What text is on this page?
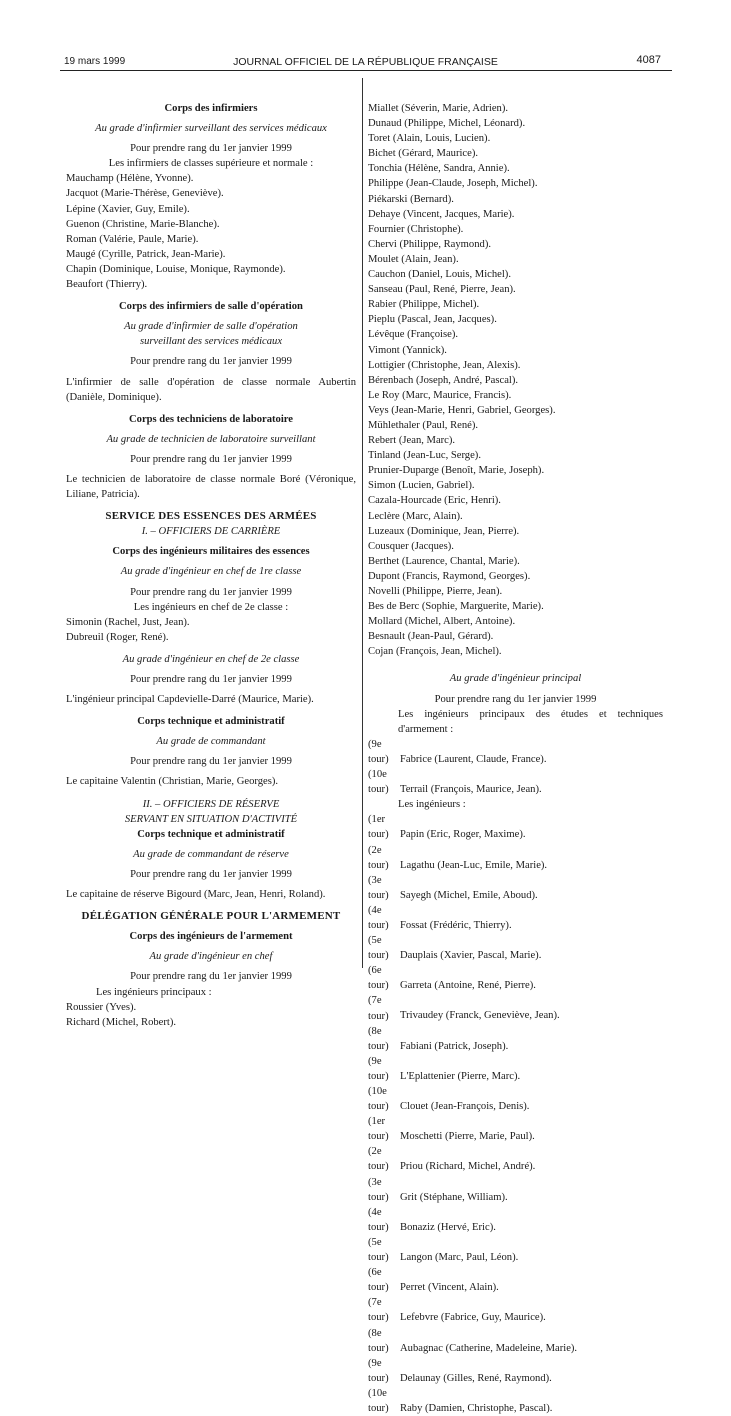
19 mars 1999	JOURNAL OFFICIEL DE LA RÉPUBLIQUE FRANÇAISE	4087
Corps des infirmiers
Au grade d'infirmier surveillant des services médicaux
Pour prendre rang du 1er janvier 1999
Les infirmiers de classes supérieure et normale :
Mauchamp (Hélène, Yvonne).
Jacquot (Marie-Thérèse, Geneviève).
Lépine (Xavier, Guy, Emile).
Guenon (Christine, Marie-Blanche).
Roman (Valérie, Paule, Marie).
Maugé (Cyrille, Patrick, Jean-Marie).
Chapin (Dominique, Louise, Monique, Raymonde).
Beaufort (Thierry).
Corps des infirmiers de salle d'opération
Au grade d'infirmier de salle d'opération
surveillant des services médicaux
Pour prendre rang du 1er janvier 1999
L'infirmier de salle d'opération de classe normale Aubertin (Danièle, Dominique).
Corps des techniciens de laboratoire
Au grade de technicien de laboratoire surveillant
Pour prendre rang du 1er janvier 1999
Le technicien de laboratoire de classe normale Boré (Véronique, Liliane, Patricia).
SERVICE DES ESSENCES DES ARMÉES
I. – OFFICIERS DE CARRIÈRE
Corps des ingénieurs militaires des essences
Au grade d'ingénieur en chef de 1re classe
Pour prendre rang du 1er janvier 1999
Les ingénieurs en chef de 2e classe :
Simonin (Rachel, Just, Jean).
Dubreuil (Roger, René).
Au grade d'ingénieur en chef de 2e classe
Pour prendre rang du 1er janvier 1999
L'ingénieur principal Capdevielle-Darré (Maurice, Marie).
Corps technique et administratif
Au grade de commandant
Pour prendre rang du 1er janvier 1999
Le capitaine Valentin (Christian, Marie, Georges).
II. – OFFICIERS DE RÉSERVE
SERVANT EN SITUATION D'ACTIVITÉ
Corps technique et administratif
Au grade de commandant de réserve
Pour prendre rang du 1er janvier 1999
Le capitaine de réserve Bigourd (Marc, Jean, Henri, Roland).
DÉLÉGATION GÉNÉRALE POUR L'ARMEMENT
Corps des ingénieurs de l'armement
Au grade d'ingénieur en chef
Pour prendre rang du 1er janvier 1999
Les ingénieurs principaux :
Roussier (Yves).
Richard (Michel, Robert).
Miallet (Séverin, Marie, Adrien).
Dunaud (Philippe, Michel, Léonard).
Toret (Alain, Louis, Lucien).
Bichet (Gérard, Maurice).
Tonchia (Hélène, Sandra, Annie).
Philippe (Jean-Claude, Joseph, Michel).
Piékarski (Bernard).
Dehaye (Vincent, Jacques, Marie).
Fournier (Christophe).
Chervi (Philippe, Raymond).
Moulet (Alain, Jean).
Cauchon (Daniel, Louis, Michel).
Sanseau (Paul, René, Pierre, Jean).
Rabier (Philippe, Michel).
Pieplu (Pascal, Jean, Jacques).
Lévêque (Françoise).
Vimont (Yannick).
Lottigier (Christophe, Jean, Alexis).
Bérenbach (Joseph, André, Pascal).
Le Roy (Marc, Maurice, Francis).
Veys (Jean-Marie, Henri, Gabriel, Georges).
Mühlethaler (Paul, René).
Rebert (Jean, Marc).
Tinland (Jean-Luc, Serge).
Prunier-Duparge (Benoît, Marie, Joseph).
Simon (Lucien, Gabriel).
Cazala-Hourcade (Eric, Henri).
Leclère (Marc, Alain).
Luzeaux (Dominique, Jean, Pierre).
Cousquer (Jacques).
Berthet (Laurence, Chantal, Marie).
Dupont (Francis, Raymond, Georges).
Novelli (Philippe, Pierre, Jean).
Bes de Berc (Sophie, Marguerite, Marie).
Mollard (Michel, Albert, Antoine).
Besnault (Jean-Paul, Gérard).
Cojan (François, Jean, Michel).
Au grade d'ingénieur principal
Pour prendre rang du 1er janvier 1999
Les ingénieurs principaux des études et techniques d'armement :
(9e tour) Fabrice (Laurent, Claude, France).
(10e tour) Terrail (François, Maurice, Jean).
Les ingénieurs :
(1er tour) Papin (Eric, Roger, Maxime).
(2e tour) Lagathu (Jean-Luc, Emile, Marie).
(3e tour) Sayegh (Michel, Emile, Aboud).
(4e tour) Fossat (Frédéric, Thierry).
(5e tour) Dauplais (Xavier, Pascal, Marie).
(6e tour) Garreta (Antoine, René, Pierre).
(7e tour) Trivaudey (Franck, Geneviève, Jean).
(8e tour) Fabiani (Patrick, Joseph).
(9e tour) L'Eplattenier (Pierre, Marc).
(10e tour) Clouet (Jean-François, Denis).
(1er tour) Moschetti (Pierre, Marie, Paul).
(2e tour) Priou (Richard, Michel, André).
(3e tour) Grit (Stéphane, William).
(4e tour) Bonaziz (Hervé, Eric).
(5e tour) Langon (Marc, Paul, Léon).
(6e tour) Perret (Vincent, Alain).
(7e tour) Lefebvre (Fabrice, Guy, Maurice).
(8e tour) Aubagnac (Catherine, Madeleine, Marie).
(9e tour) Delaunay (Gilles, René, Raymond).
(10e tour) Raby (Damien, Christophe, Pascal).
